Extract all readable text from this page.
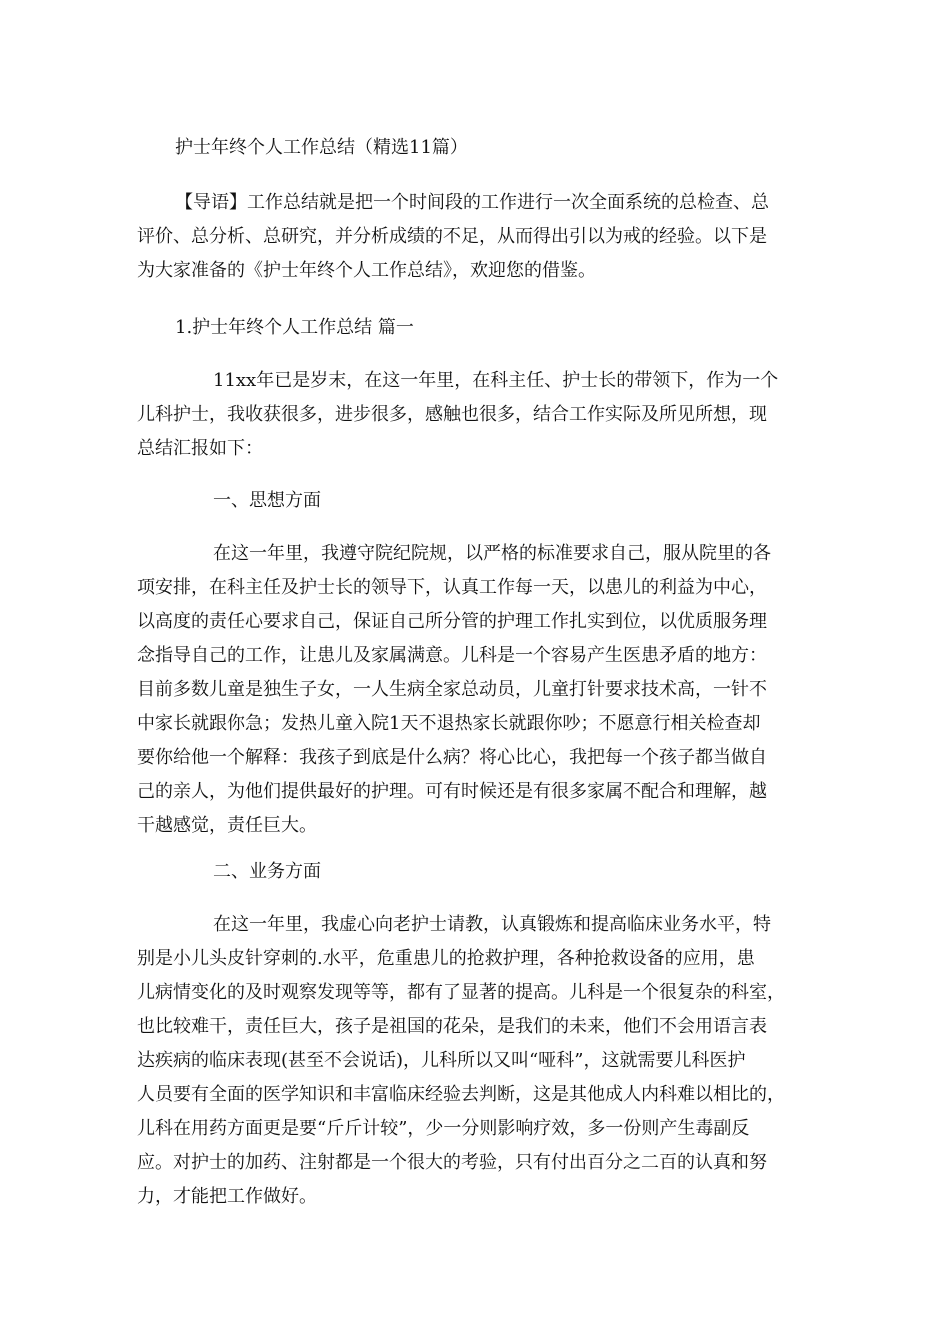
护士年终个人工作总结（精选11篇）
【导语】工作总结就是把一个时间段的工作进行一次全面系统的总检查、总
评价、总分析、总研究，并分析成绩的不足，从而得出引以为戒的经验。以下是
为大家准备的《护士年终个人工作总结》，欢迎您的借鉴。
1.护士年终个人工作总结 篇一
11xx年已是岁末，在这一年里，在科主任、护士长的带领下，作为一个
儿科护士，我收获很多，进步很多，感触也很多，结合工作实际及所见所想，现
总结汇报如下：
一、思想方面
在这一年里，我遵守院纪院规，以严格的标准要求自己，服从院里的各
项安排，在科主任及护士长的领导下，认真工作每一天，以患儿的利益为中心，
以高度的责任心要求自己，保证自己所分管的护理工作扎实到位，以优质服务理
念指导自己的工作，让患儿及家属满意。儿科是一个容易产生医患矛盾的地方：
目前多数儿童是独生子女，一人生病全家总动员，儿童打针要求技术高，一针不
中家长就跟你急；发热儿童入院1天不退热家长就跟你吵；不愿意行相关检查却
要你给他一个解释：我孩子到底是什么病？将心比心，我把每一个孩子都当做自
己的亲人，为他们提供最好的护理。可有时候还是有很多家属不配合和理解，越
干越感觉，责任巨大。
二、业务方面
在这一年里，我虚心向老护士请教，认真锻炼和提高临床业务水平，特
别是小儿头皮针穿刺的.水平，危重患儿的抢救护理，各种抢救设备的应用，患
儿病情变化的及时观察发现等等，都有了显著的提高。儿科是一个很复杂的科室，
也比较难干，责任巨大，孩子是祖国的花朵，是我们的未来，他们不会用语言表
达疾病的临床表现(甚至不会说话)，儿科所以又叫“哑科”，这就需要儿科医护
人员要有全面的医学知识和丰富临床经验去判断，这是其他成人内科难以相比的，
儿科在用药方面更是要“斤斤计较”，少一分则影响疗效，多一份则产生毒副反
应。对护士的加药、注射都是一个很大的考验，只有付出百分之二百的认真和努
力，才能把工作做好。
